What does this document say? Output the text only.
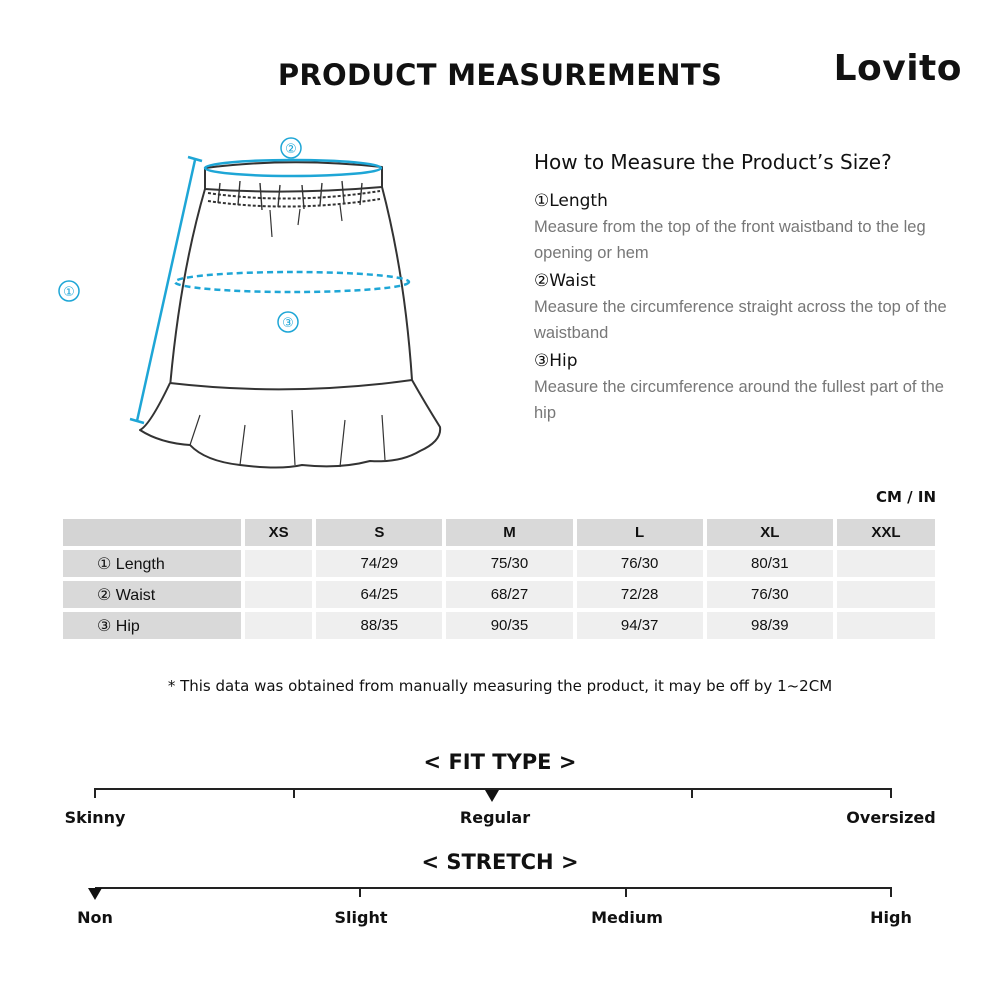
PRODUCT MEASUREMENTS	Lovito
①
②
③
How to Measure the Product’s Size?

①Length

Measure from the top of the front waistband to the leg opening or hem

②Waist

Measure the circumference straight across the top of the waistband

③Hip

Measure the circumference around the fullest part of the hip

CM / IN
	XS	S	M	L	XL	XXL
① Length		74/29	75/30	76/30	80/31	
② Waist		64/25	68/27	72/28	76/30	
③ Hip		88/35	90/35	94/37	98/39	
* This data was obtained from manually measuring the product, it may be off by 1~2CM
< FIT TYPE >
Skinny	Regular	Oversized
< STRETCH >
Non	Slight	Medium	High
